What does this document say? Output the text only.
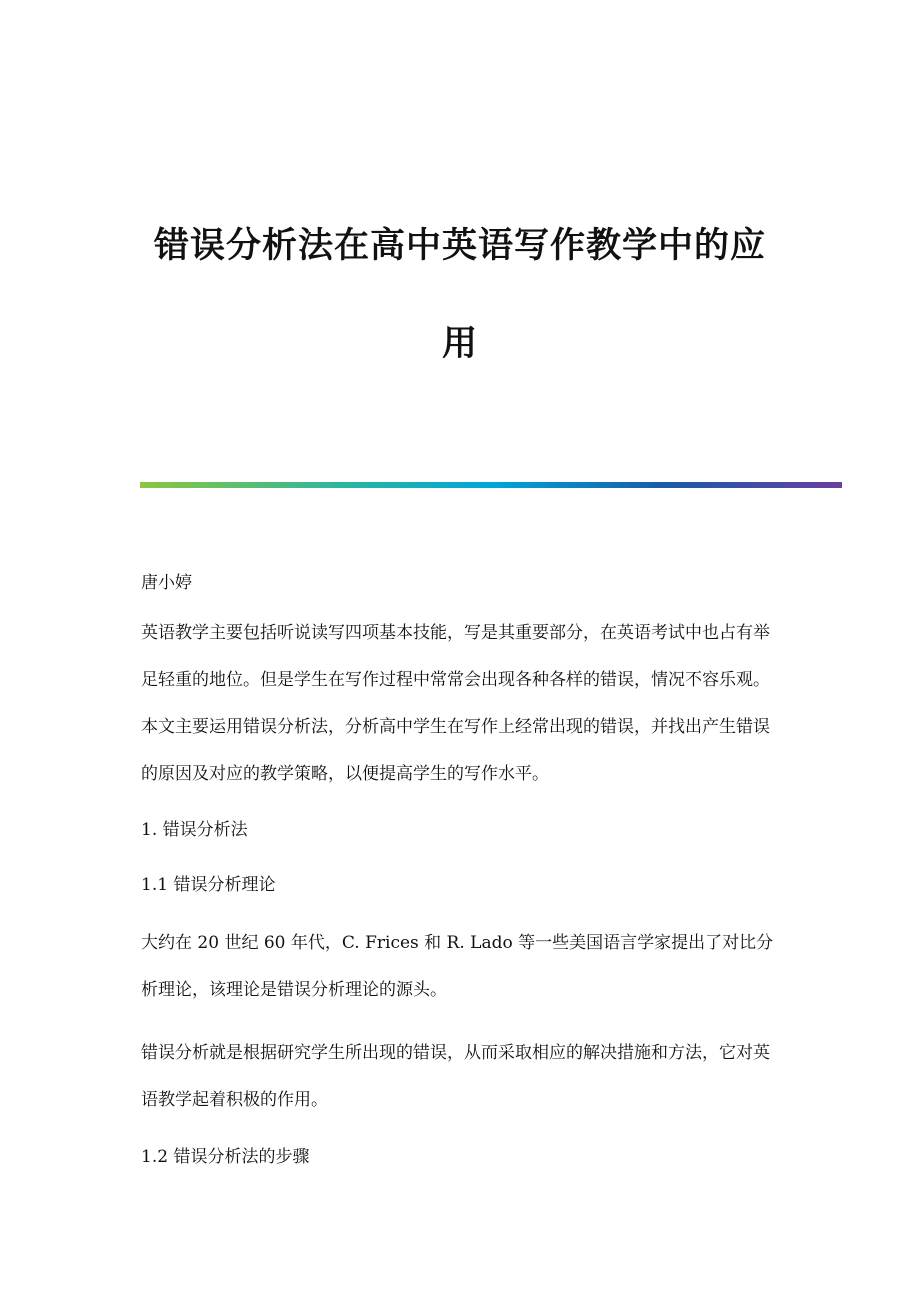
错误分析法在高中英语写作教学中的应
用

唐小婷

英语教学主要包括听说读写四项基本技能，写是其重要部分，在英语考试中也占有举足轻重的地位。但是学生在写作过程中常常会出现各种各样的错误，情况不容乐观。本文主要运用错误分析法，分析高中学生在写作上经常出现的错误，并找出产生错误的原因及对应的教学策略，以便提高学生的写作水平。

1. 错误分析法

1.1 错误分析理论

大约在 20 世纪 60 年代，C. Frices 和 R. Lado 等一些美国语言学家提出了对比分析理论，该理论是错误分析理论的源头。

错误分析就是根据研究学生所出现的错误，从而采取相应的解决措施和方法，它对英语教学起着积极的作用。

1.2 错误分析法的步骤
